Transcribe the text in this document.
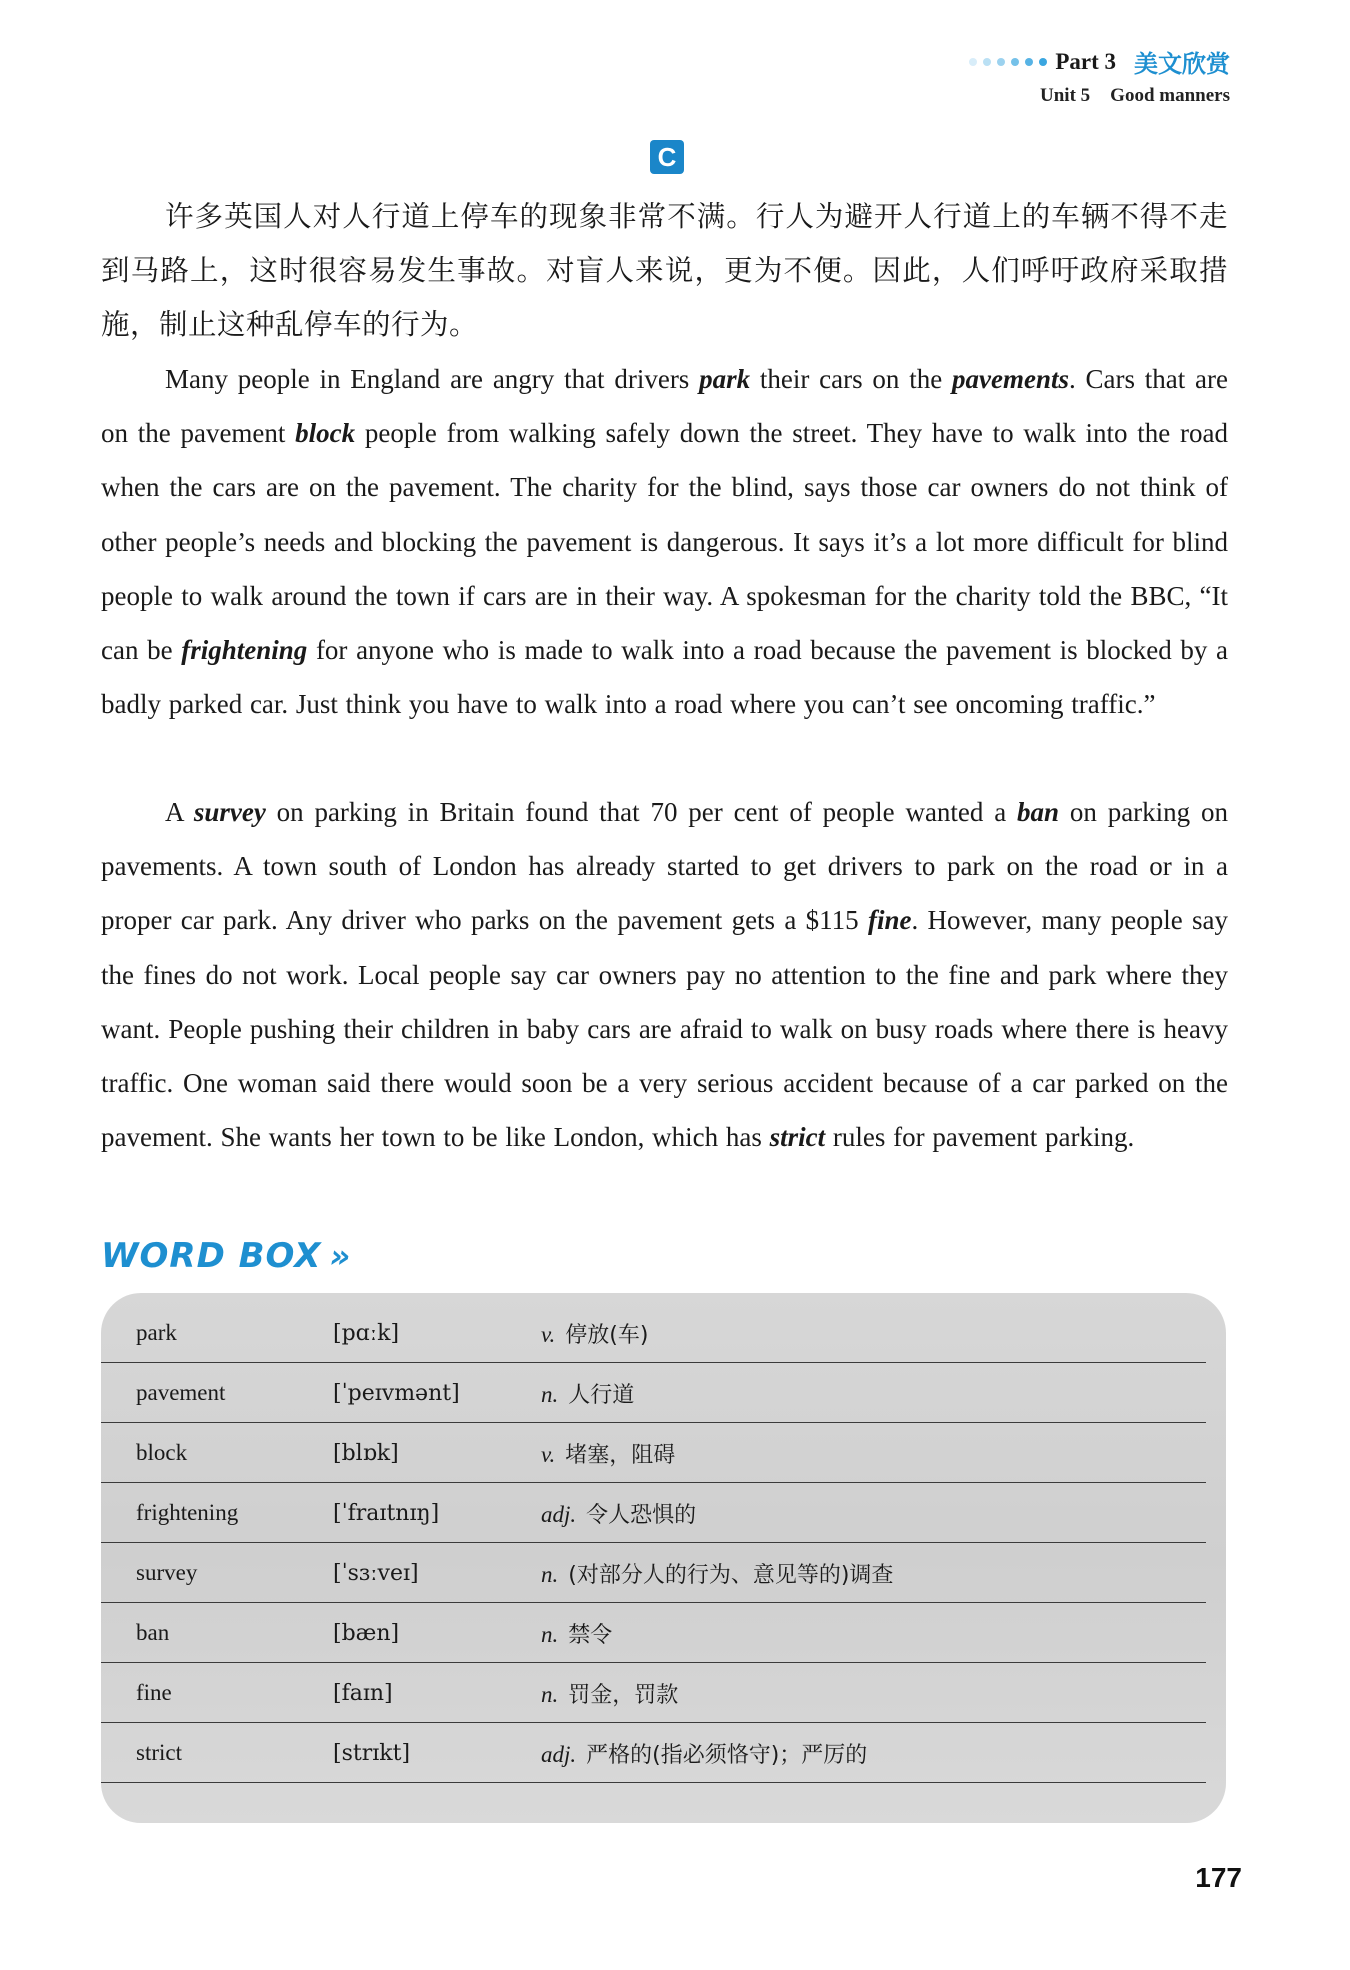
Part 3 美文欣赏
Unit 5 Good manners
C
许多英国人对人行道上停车的现象非常不满。行人为避开人行道上的车辆不得不走到马路上，这时很容易发生事故。对盲人来说，更为不便。因此，人们呼吁政府采取措施，制止这种乱停车的行为。
Many people in England are angry that drivers park their cars on the pavements. Cars that are on the pavement block people from walking safely down the street. They have to walk into the road when the cars are on the pavement. The charity for the blind, says those car owners do not think of other people’s needs and blocking the pavement is dangerous. It says it’s a lot more difficult for blind people to walk around the town if cars are in their way. A spokesman for the charity told the BBC, “It can be frightening for anyone who is made to walk into a road because the pavement is blocked by a badly parked car. Just think you have to walk into a road where you can’t see oncoming traffic.”
A survey on parking in Britain found that 70 per cent of people wanted a ban on parking on pavements. A town south of London has already started to get drivers to park on the road or in a proper car park. Any driver who parks on the pavement gets a $115 fine. However, many people say the fines do not work. Local people say car owners pay no attention to the fine and park where they want. People pushing their children in baby cars are afraid to walk on busy roads where there is heavy traffic. One woman said there would soon be a very serious accident because of a car parked on the pavement. She wants her town to be like London, which has strict rules for pavement parking.
WORD BOX »
park	[pɑːk]	v. 停放(车)
pavement	[ˈpeɪvmənt]	n. 人行道
block	[blɒk]	v. 堵塞，阻碍
frightening	[ˈfraɪtnɪŋ]	adj. 令人恐惧的
survey	[ˈsɜːveɪ]	n. (对部分人的行为、意见等的)调查
ban	[bæn]	n. 禁令
fine	[faɪn]	n. 罚金，罚款
strict	[strɪkt]	adj. 严格的(指必须恪守)；严厉的
177
